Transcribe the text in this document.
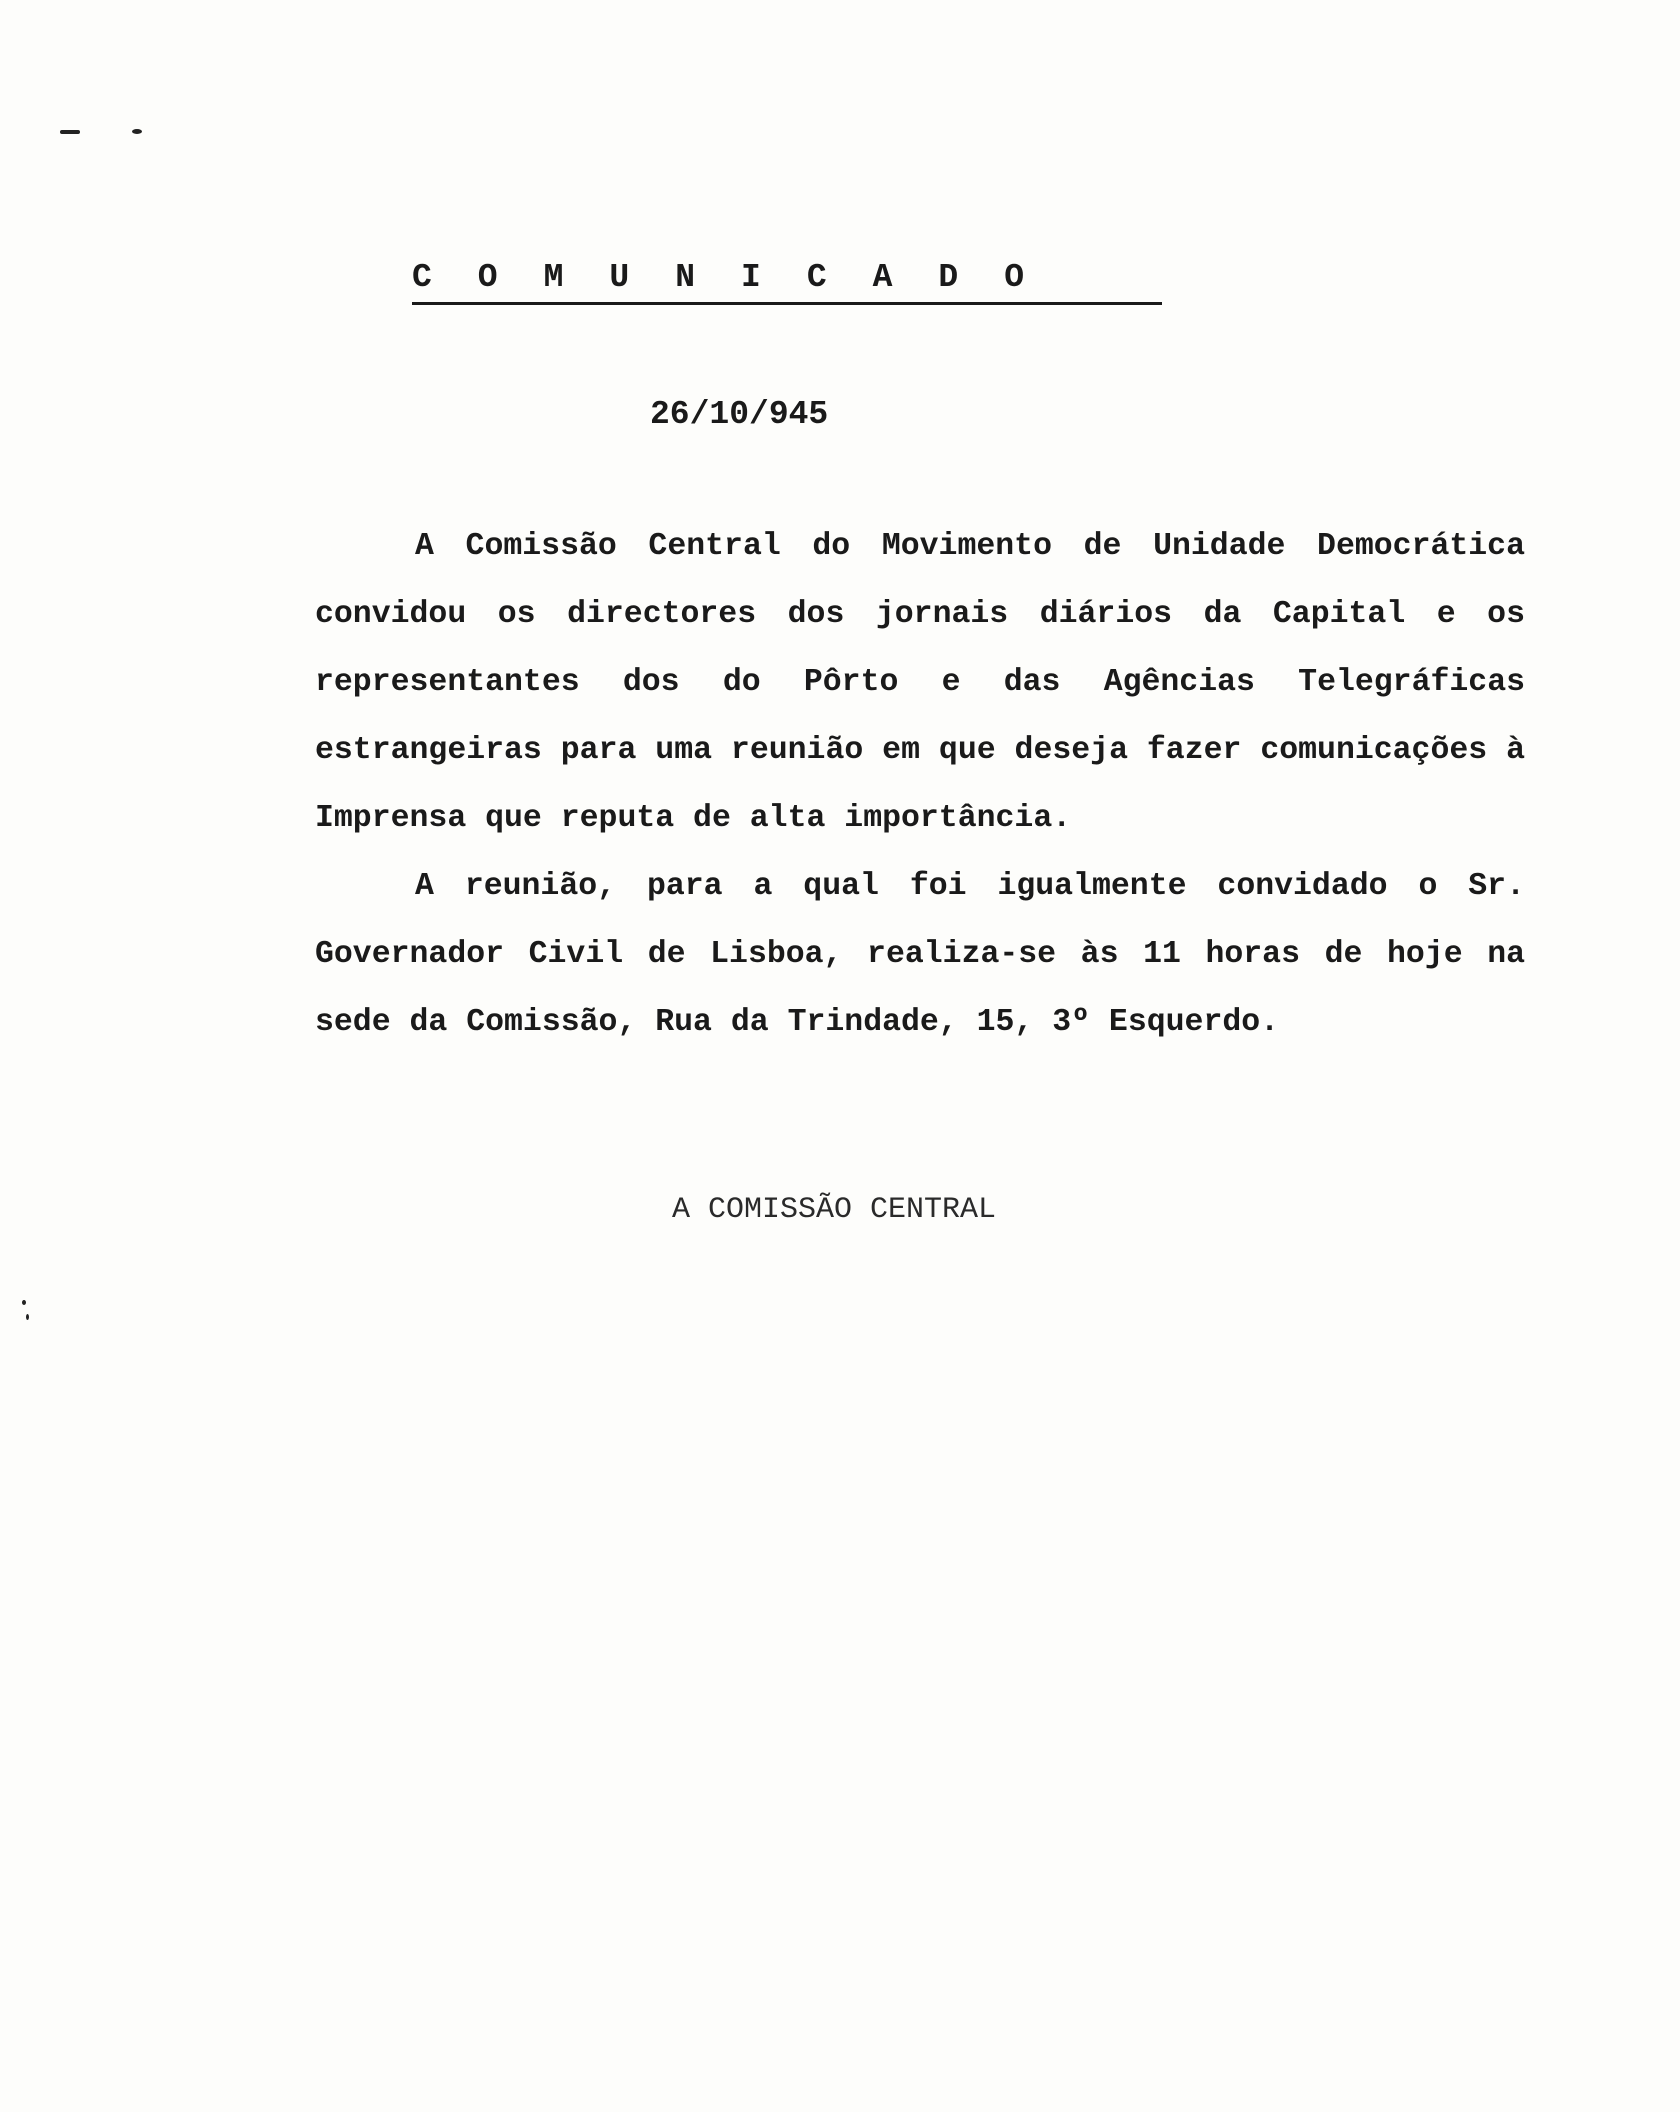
COMUNICADO
26/10/945

A Comissão Central do Movimento de Unidade Democrática convidou os directores dos jornais diários da Capital e os representantes dos do Pôrto e das Agências Telegráficas estrangeiras para uma reunião em que deseja fazer comunicações à Imprensa que reputa de alta importância.

A reunião, para a qual foi igualmente convidado o Sr. Governador Civil de Lisboa, realiza-se às 11 horas de hoje na sede da Comissão, Rua da Trindade, 15, 3º Esquerdo.

A COMISSÃO CENTRAL
